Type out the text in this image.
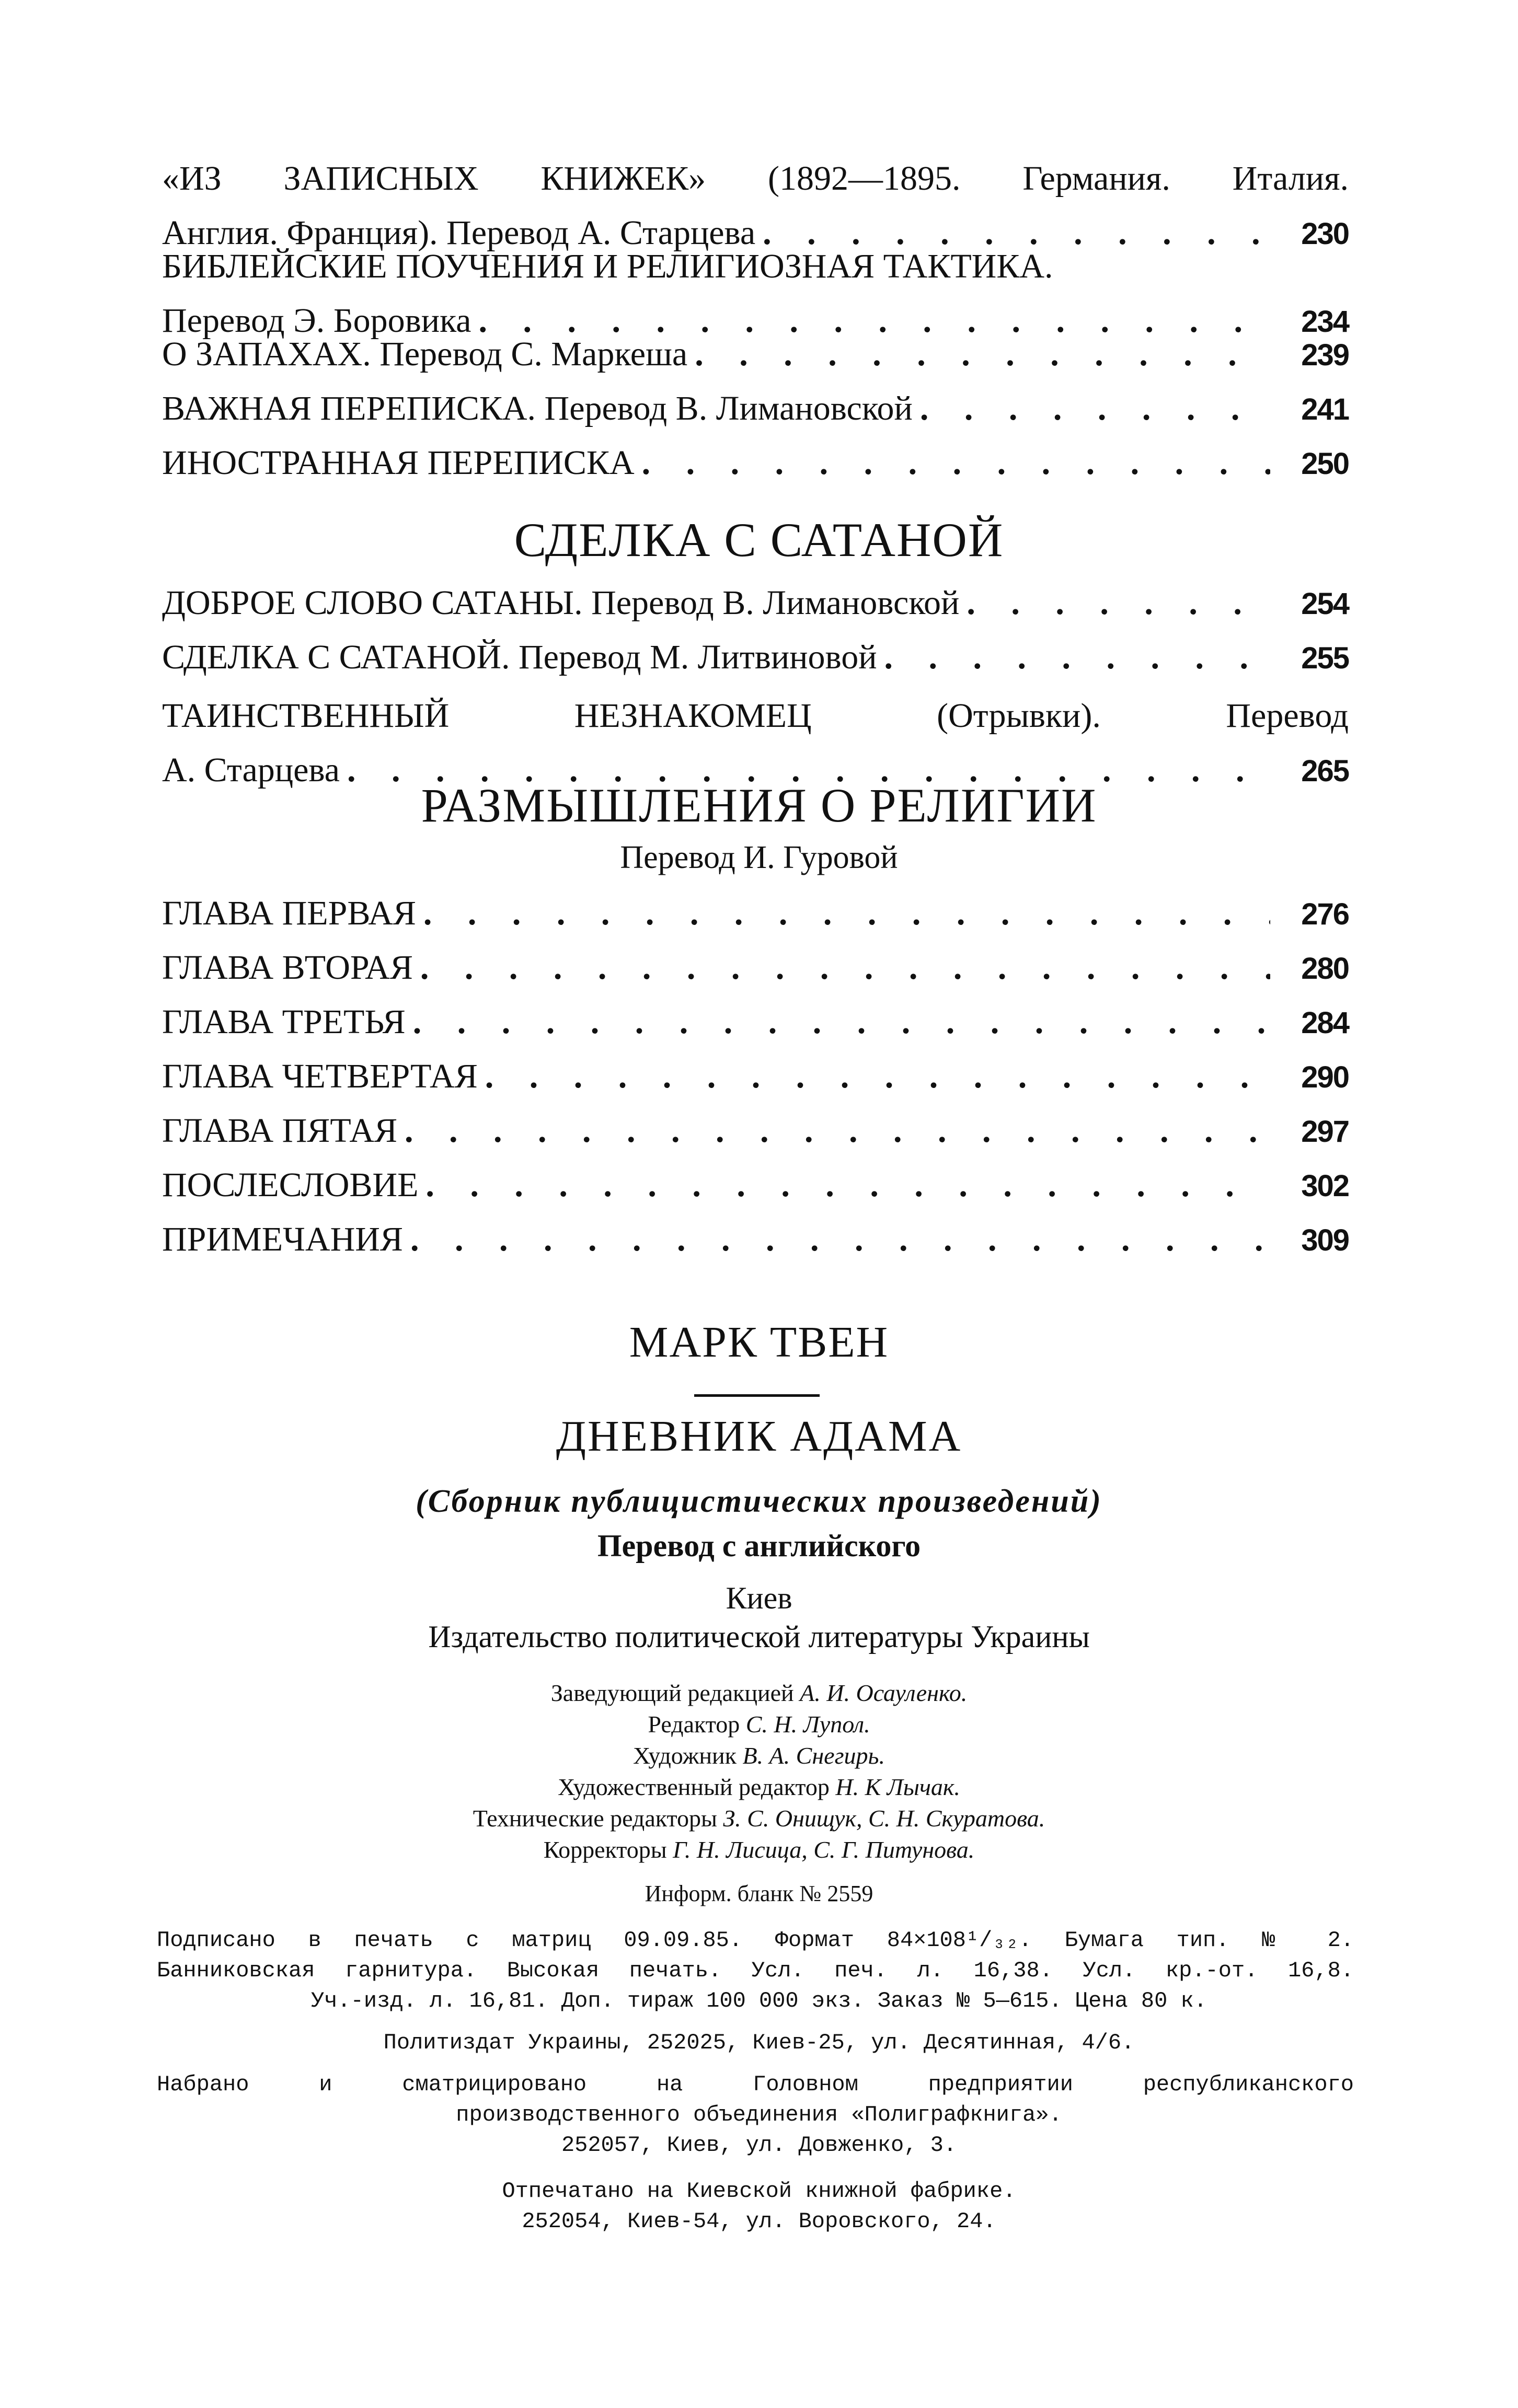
«ИЗ ЗАПИСНЫХ КНИЖЕК» (1892—1895. Германия. Италия.
Англия. Франция). Перевод А. Старцева . . .	230
БИБЛЕЙСКИЕ ПОУЧЕНИЯ И РЕЛИГИОЗНАЯ ТАКТИКА.
Перевод Э. Боровика . . .	234
О ЗАПАХАХ. Перевод С. Маркеша . . .	239
ВАЖНАЯ ПЕРЕПИСКА. Перевод В. Лимановской . . .	241
ИНОСТРАННАЯ ПЕРЕПИСКА . . .	250
СДЕЛКА С САТАНОЙ
ДОБРОЕ СЛОВО САТАНЫ. Перевод В. Лимановской . . .	254
СДЕЛКА С САТАНОЙ. Перевод М. Литвиновой . . .	255
ТАИНСТВЕННЫЙ НЕЗНАКОМЕЦ (Отрывки). Перевод
А. Старцева . . .	265
РАЗМЫШЛЕНИЯ О РЕЛИГИИ
Перевод И. Гуровой
ГЛАВА ПЕРВАЯ . . .	276
ГЛАВА ВТОРАЯ . . .	280
ГЛАВА ТРЕТЬЯ . . .	284
ГЛАВА ЧЕТВЕРТАЯ . . .	290
ГЛАВА ПЯТАЯ . . .	297
ПОСЛЕСЛОВИЕ . . .	302
ПРИМЕЧАНИЯ . . .	309
МАРК ТВЕН
ДНЕВНИК АДАМА
(Сборник публицистических произведений)
Перевод с английского
Киев
Издательство политической литературы Украины
Заведующий редакцией А. И. Осауленко.
Редактор С. Н. Лупол.
Художник В. А. Снегирь.
Художественный редактор Н. К Лычак.
Технические редакторы З. С. Онищук, С. Н. Скуратова.
Корректоры Г. Н. Лисица, С. Г. Питунова.
Информ. бланк № 2559
Подписано в печать с матриц 09.09.85. Формат 84×108¹/₃₂. Бумага тип. № 2.
Банниковская гарнитура. Высокая печать. Усл. печ. л. 16,38. Усл. кр.-от. 16,8.
Уч.-изд. л. 16,81. Доп. тираж 100 000 экз. Заказ № 5—615. Цена 80 к.
Политиздат Украины, 252025, Киев-25, ул. Десятинная, 4/6.
Набрано и сматрицировано на Головном предприятии республиканского
производственного объединения «Полиграфкнига».
252057, Киев, ул. Довженко, 3.
Отпечатано на Киевской книжной фабрике.
252054, Киев-54, ул. Воровского, 24.
